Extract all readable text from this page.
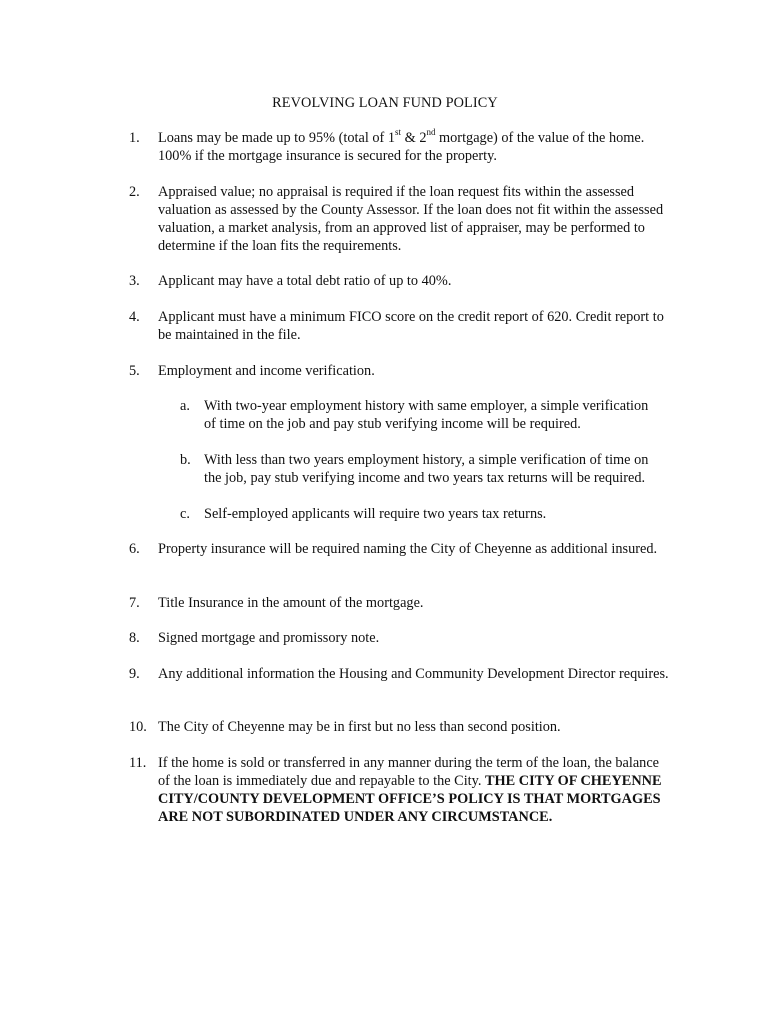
REVOLVING LOAN FUND POLICY
1.	Loans may be made up to 95% (total of 1st & 2nd mortgage) of the value of the home. 100% if the mortgage insurance is secured for the property.
2.	Appraised value; no appraisal is required if the loan request fits within the assessed valuation as assessed by the County Assessor. If the loan does not fit within the assessed valuation, a market analysis, from an approved list of appraiser, may be performed to determine if the loan fits the requirements.
3.	Applicant may have a total debt ratio of up to 40%.
4.	Applicant must have a minimum FICO score on the credit report of 620. Credit report to be maintained in the file.
5.	Employment and income verification.
a. With two-year employment history with same employer, a simple verification of time on the job and pay stub verifying income will be required.
b. With less than two years employment history, a simple verification of time on the job, pay stub verifying income and two years tax returns will be required.
c. Self-employed applicants will require two years tax returns.
6.	Property insurance will be required naming the City of Cheyenne as additional insured.
7.	Title Insurance in the amount of the mortgage.
8.	Signed mortgage and promissory note.
9.	Any additional information the Housing and Community Development Director requires.
10. The City of Cheyenne may be in first but no less than second position.
11. If the home is sold or transferred in any manner during the term of the loan, the balance of the loan is immediately due and repayable to the City. THE CITY OF CHEYENNE CITY/COUNTY DEVELOPMENT OFFICE’S POLICY IS THAT MORTGAGES ARE NOT SUBORDINATED UNDER ANY CIRCUMSTANCE.
